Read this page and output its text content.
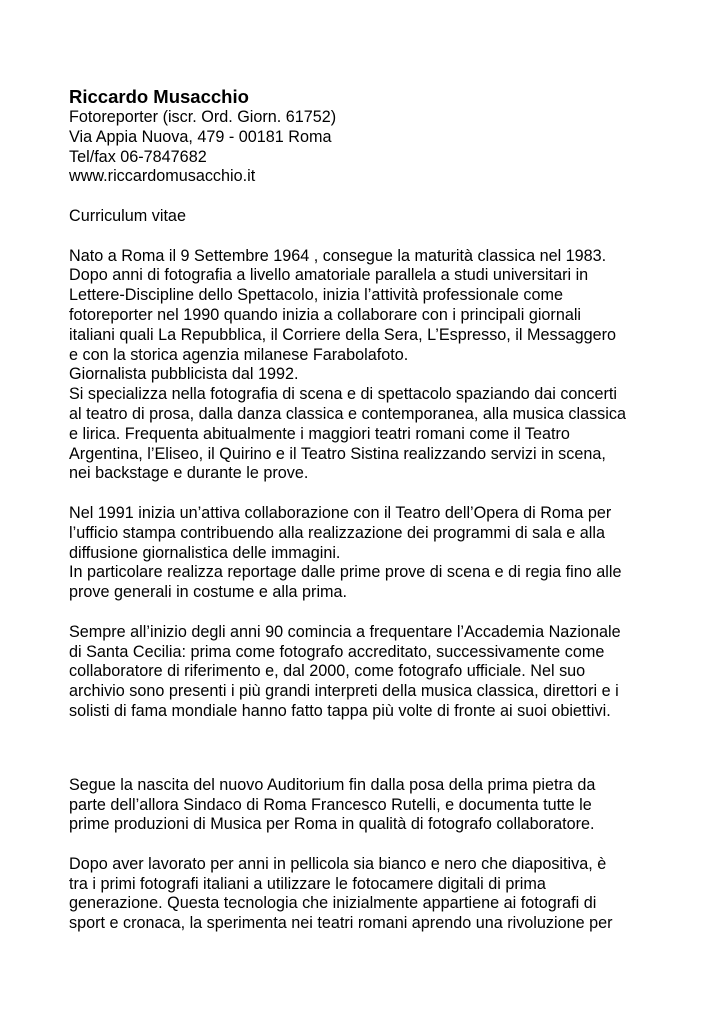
Riccardo Musacchio
Fotoreporter (iscr. Ord. Giorn. 61752)
Via Appia Nuova, 479 - 00181 Roma
Tel/fax 06-7847682
www.riccardomusacchio.it
Curriculum vitae
Nato a Roma il 9 Settembre 1964 , consegue la maturità classica nel 1983.
Dopo anni di fotografia a livello amatoriale parallela a studi universitari in
Lettere-Discipline dello Spettacolo, inizia l’attività professionale come
fotoreporter nel 1990 quando inizia a collaborare con i principali giornali
italiani quali La Repubblica, il Corriere della Sera, L’Espresso, il Messaggero
e con la storica agenzia milanese Farabolafoto.
Giornalista pubblicista dal 1992.
Si specializza nella fotografia di scena e di spettacolo spaziando dai concerti
al teatro di prosa, dalla danza classica e contemporanea, alla musica classica
e lirica. Frequenta abitualmente i maggiori teatri romani come il Teatro
Argentina, l’Eliseo, il Quirino e il Teatro Sistina realizzando servizi in scena,
nei backstage e durante le prove.
Nel 1991 inizia un’attiva collaborazione con il Teatro dell’Opera di Roma per
l’ufficio stampa contribuendo alla realizzazione dei programmi di sala e alla
diffusione giornalistica delle immagini.
In particolare realizza reportage dalle prime prove di scena e di regia fino alle
prove generali in costume e alla prima.
Sempre all’inizio degli anni 90 comincia a frequentare l’Accademia Nazionale
di Santa Cecilia: prima come fotografo accreditato, successivamente come
collaboratore di riferimento e, dal 2000, come fotografo ufficiale. Nel suo
archivio sono presenti i più grandi interpreti della musica classica, direttori e i
solisti di fama mondiale hanno fatto tappa più volte di fronte ai suoi obiettivi.
Segue la nascita del nuovo Auditorium fin dalla posa della prima pietra da
parte dell’allora Sindaco di Roma Francesco Rutelli, e documenta tutte le
prime produzioni di Musica per Roma in qualità di fotografo collaboratore.
Dopo aver lavorato per anni in pellicola sia bianco e nero che diapositiva, è
tra i primi fotografi italiani a utilizzare le fotocamere digitali di prima
generazione. Questa tecnologia che inizialmente appartiene ai fotografi di
sport e cronaca, la sperimenta nei teatri romani aprendo una rivoluzione per
